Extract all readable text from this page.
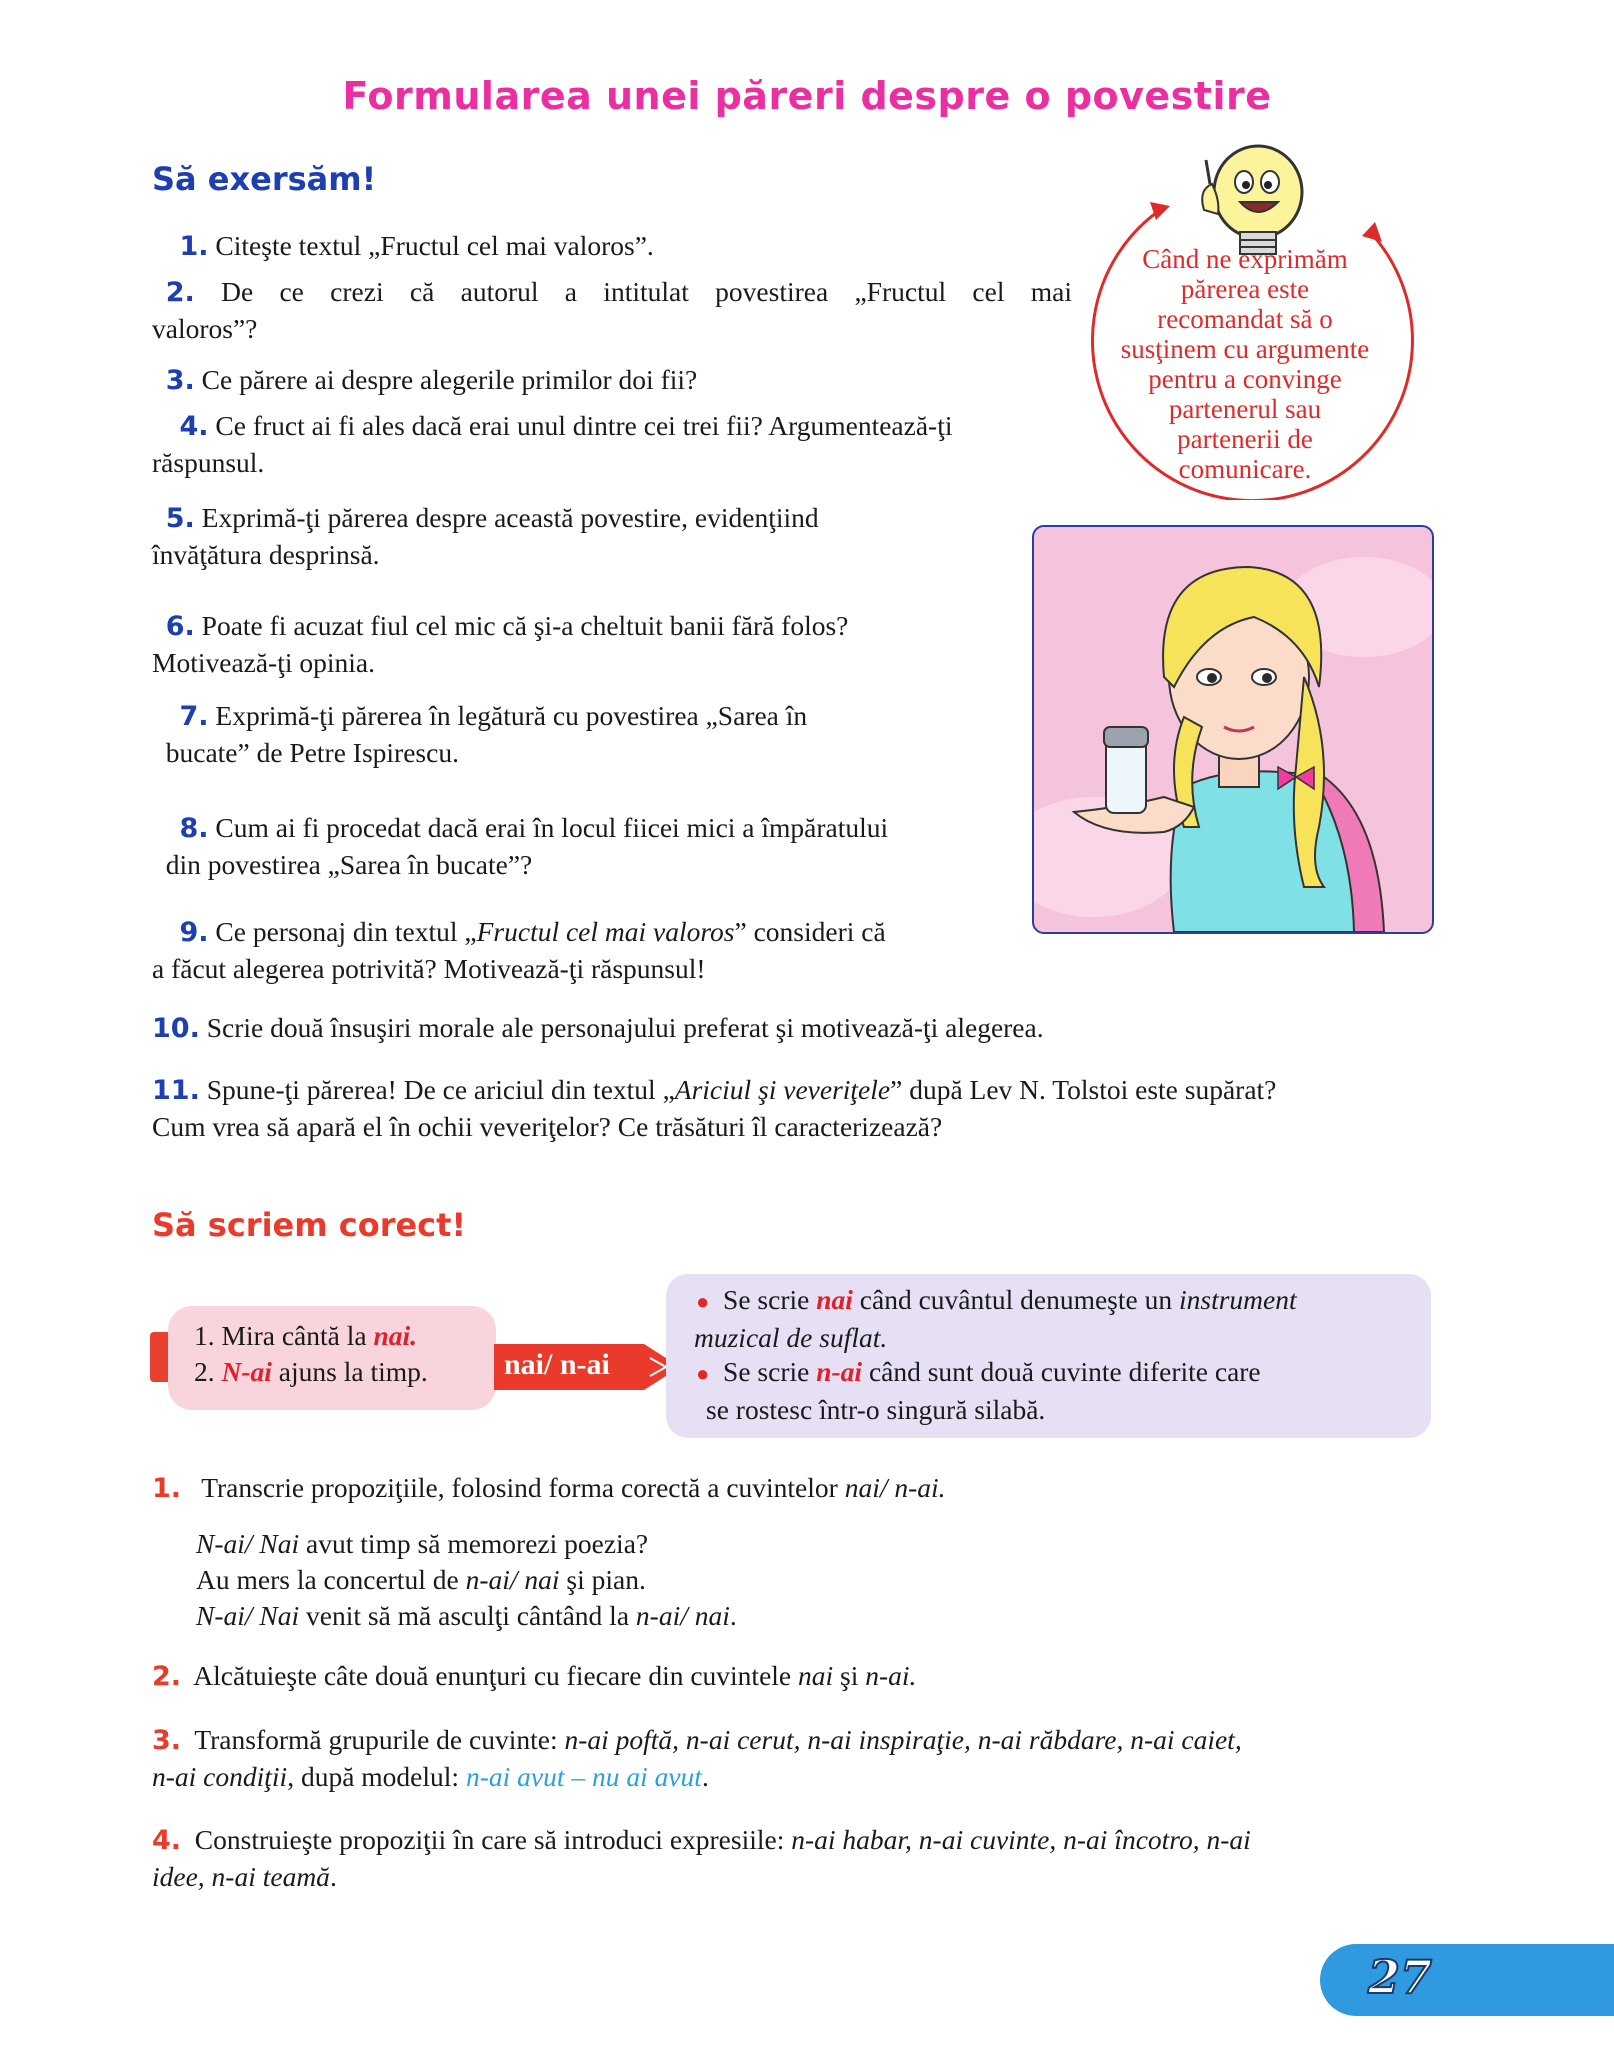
Formularea unei păreri despre o povestire
Să exersăm!
1. Citeşte textul „Fructul cel mai valoros”.
2. De ce crezi că autorul a intitulat povestirea „Fructul cel mai
valoros”?
3. Ce părere ai despre alegerile primilor doi fii?
4. Ce fruct ai fi ales dacă erai unul dintre cei trei fii? Argumentează-ţi
răspunsul.
5. Exprimă-ţi părerea despre această povestire, evidenţiind
învăţătura desprinsă.
6. Poate fi acuzat fiul cel mic că şi-a cheltuit banii fără folos?
Motivează-ţi opinia.
7. Exprimă-ţi părerea în legătură cu povestirea „Sarea în
bucate” de Petre Ispirescu.
8. Cum ai fi procedat dacă erai în locul fiicei mici a împăratului
din povestirea „Sarea în bucate”?
9. Ce personaj din textul „Fructul cel mai valoros” consideri că
a făcut alegerea potrivită? Motivează-ţi răspunsul!
10. Scrie două însuşiri morale ale personajului preferat şi motivează-ţi alegerea.
11. Spune-ţi părerea! De ce ariciul din textul „Ariciul şi veveriţele” după Lev N. Tolstoi este supărat?
Cum vrea să apară el în ochii veveriţelor? Ce trăsături îl caracterizează?
Când ne exprimăm
părerea este
recomandat să o
susţinem cu argumente
pentru a convinge
partenerul sau
partenerii de
comunicare.
Să scriem corect!
1. Mira cântă la nai.
2. N-ai ajuns la timp.	nai/ n-ai
● Se scrie nai când cuvântul denumeşte un instrument
muzical de suflat.
● Se scrie n-ai când sunt două cuvinte diferite care
se rostesc într-o singură silabă.
1. Transcrie propoziţiile, folosind forma corectă a cuvintelor nai/ n-ai.
N-ai/ Nai avut timp să memorezi poezia?
Au mers la concertul de n-ai/ nai şi pian.
N-ai/ Nai venit să mă asculţi cântând la n-ai/ nai.
2. Alcătuieşte câte două enunţuri cu fiecare din cuvintele nai şi n-ai.
3. Transformă grupurile de cuvinte: n-ai poftă, n-ai cerut, n-ai inspiraţie, n-ai răbdare, n-ai caiet,
n-ai condiţii, după modelul: n-ai avut – nu ai avut.
4. Construieşte propoziţii în care să introduci expresiile: n-ai habar, n-ai cuvinte, n-ai încotro, n-ai
idee, n-ai teamă.
27
